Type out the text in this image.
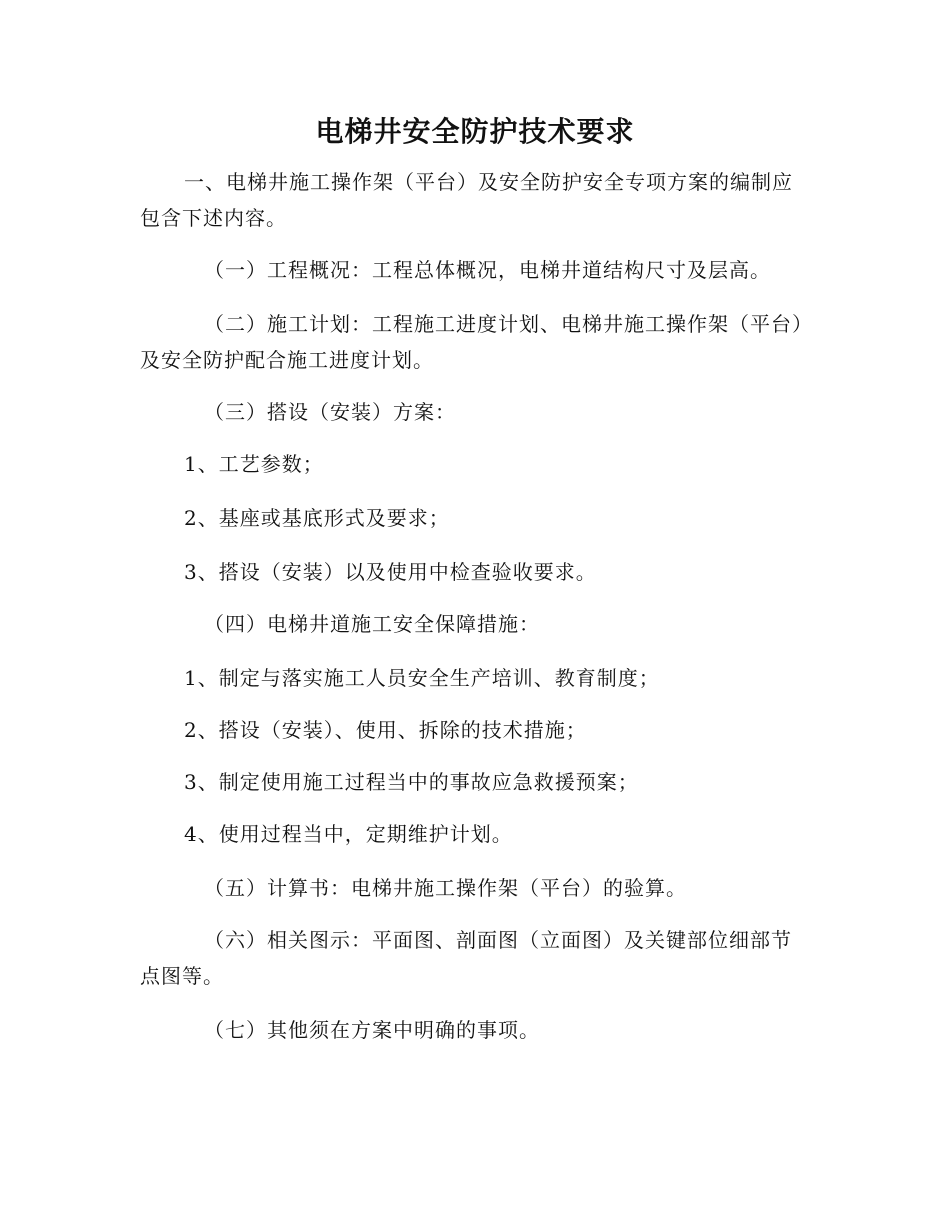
电梯井安全防护技术要求

一、电梯井施工操作架（平台）及安全防护安全专项方案的编制应包含下述内容。

（一）工程概况：工程总体概况，电梯井道结构尺寸及层高。

（二）施工计划：工程施工进度计划、电梯井施工操作架（平台）及安全防护配合施工进度计划。

（三）搭设（安装）方案：

1、工艺参数；

2、基座或基底形式及要求；

3、搭设（安装）以及使用中检查验收要求。

（四）电梯井道施工安全保障措施：

1、制定与落实施工人员安全生产培训、教育制度；

2、搭设（安装）、使用、拆除的技术措施；

3、制定使用施工过程当中的事故应急救援预案；

4、使用过程当中，定期维护计划。

（五）计算书：电梯井施工操作架（平台）的验算。

（六）相关图示：平面图、剖面图（立面图）及关键部位细部节点图等。

（七）其他须在方案中明确的事项。
